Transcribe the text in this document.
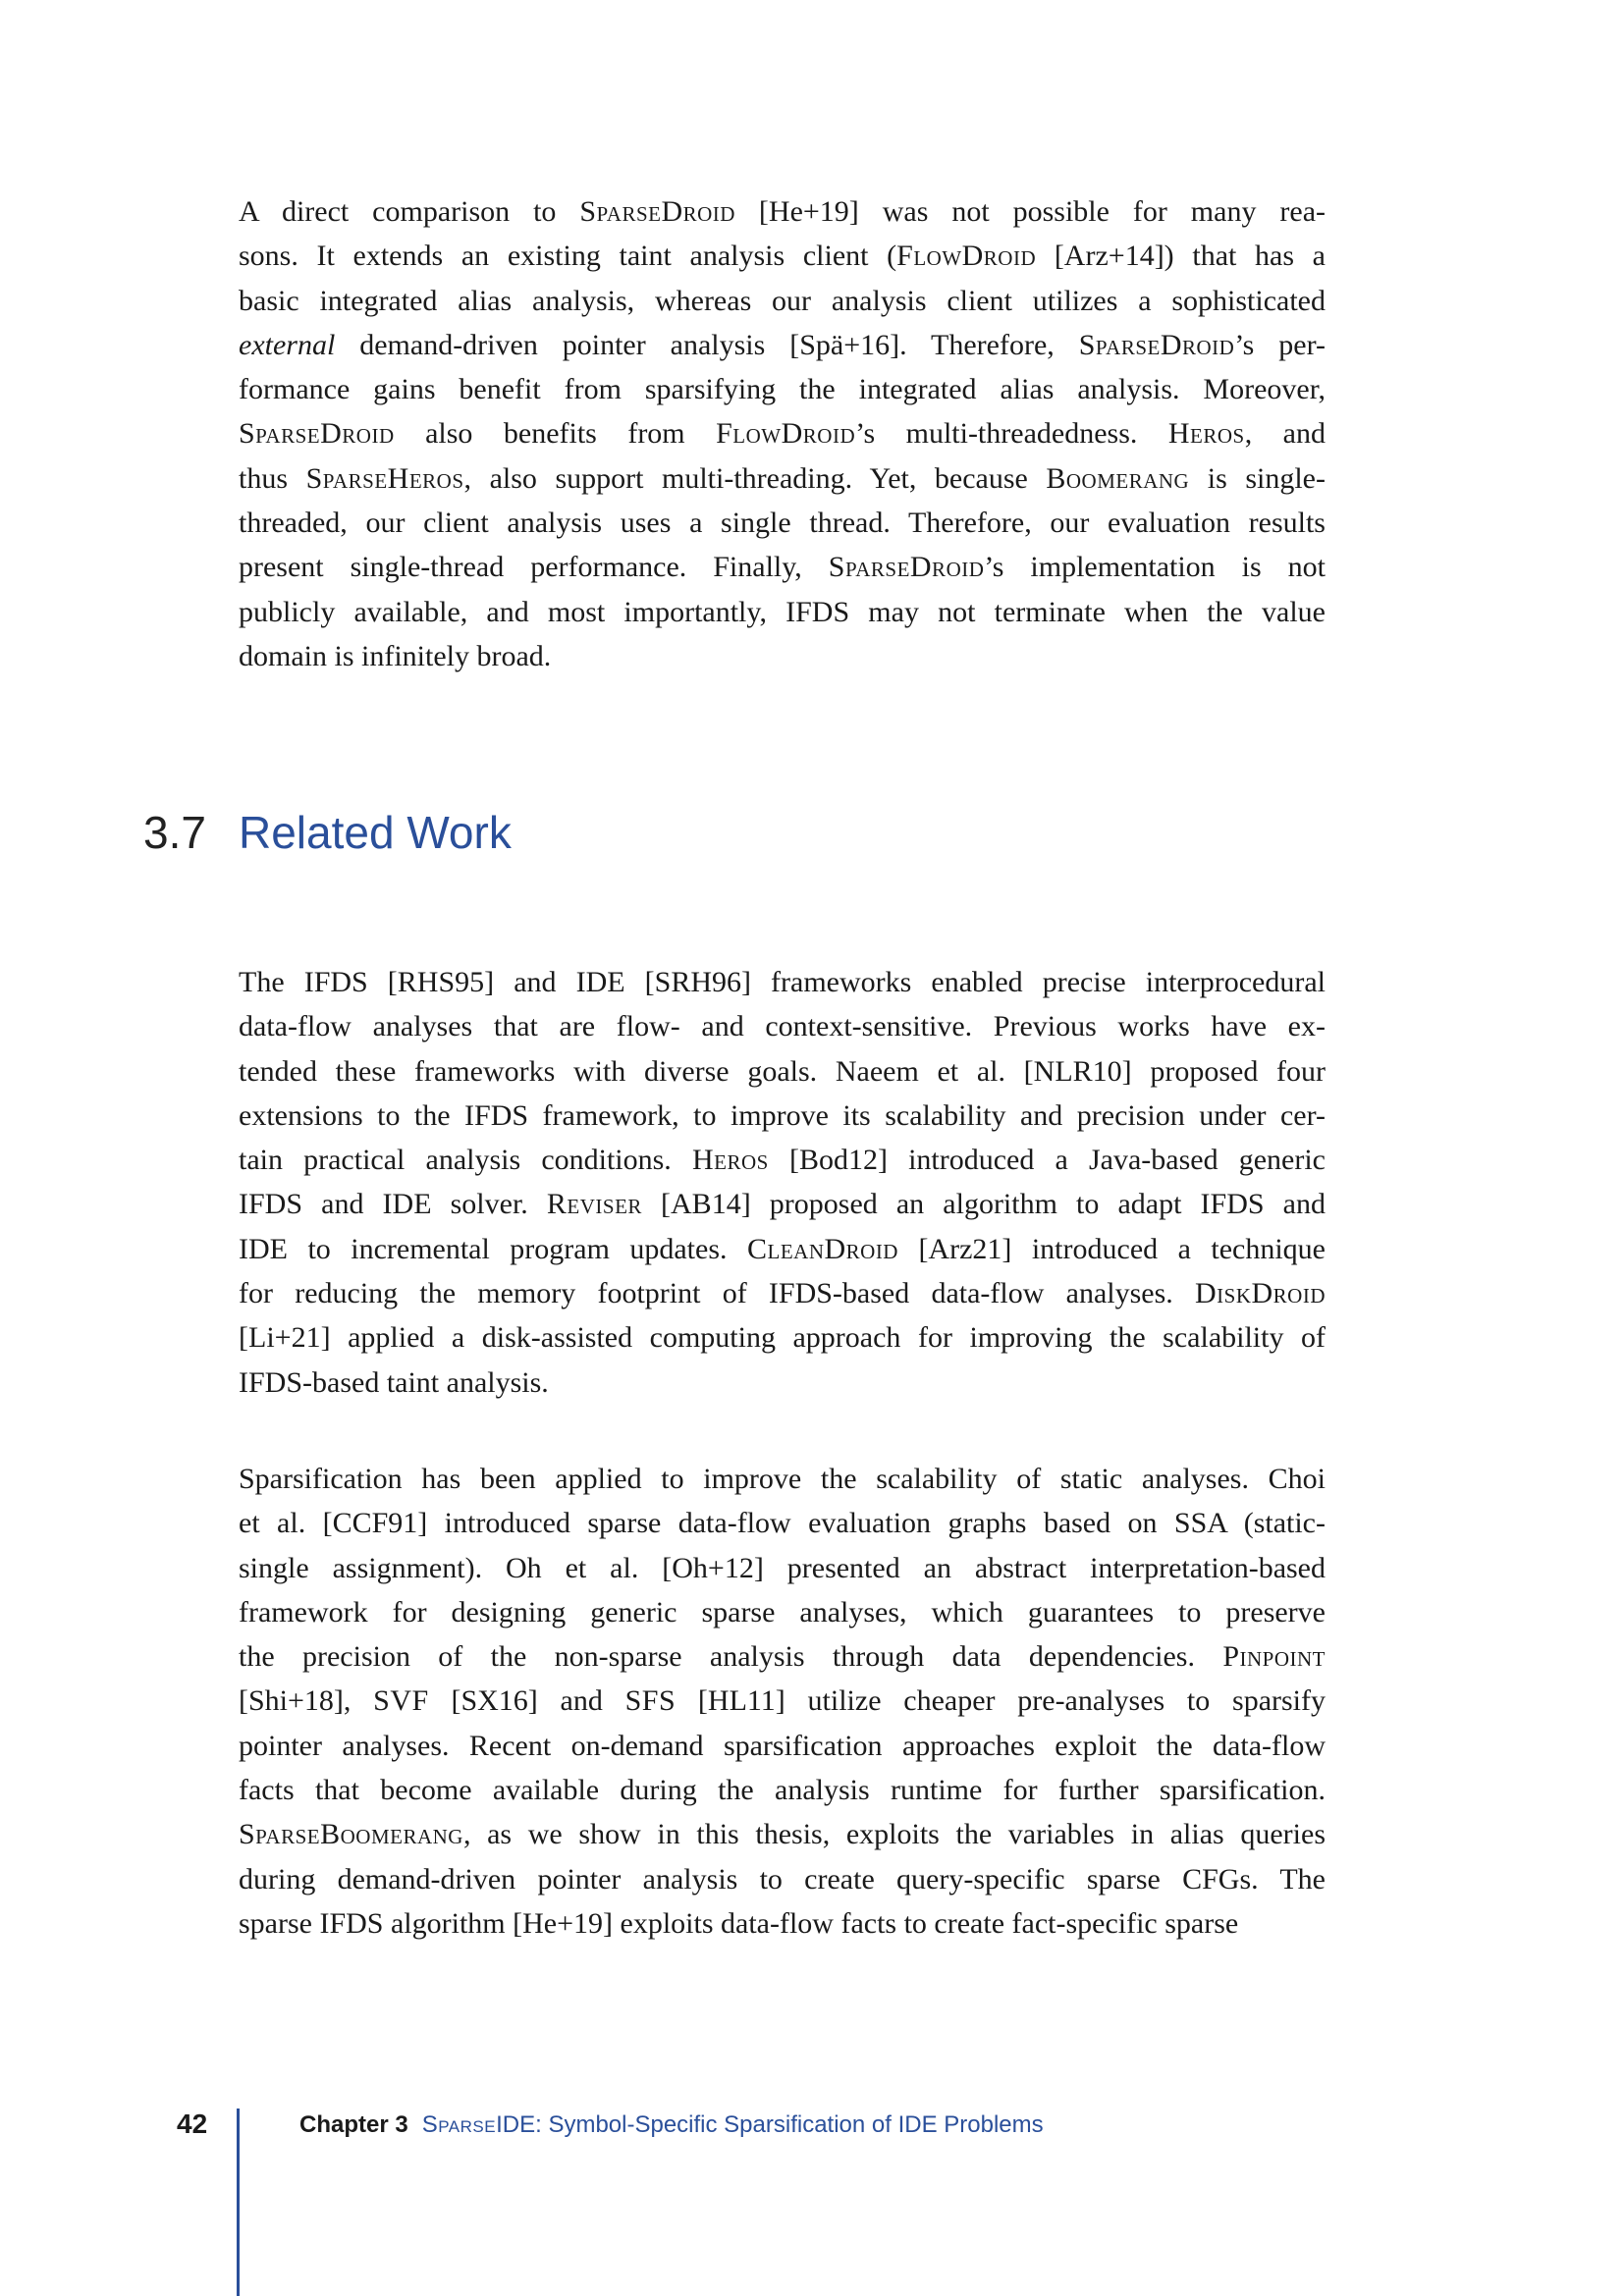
A direct comparison to SparseDroid [He+19] was not possible for many rea-
sons. It extends an existing taint analysis client (FlowDroid [Arz+14]) that has a
basic integrated alias analysis, whereas our analysis client utilizes a sophisticated
external demand-driven pointer analysis [Spä+16]. Therefore, SparseDroid’s per-
formance gains benefit from sparsifying the integrated alias analysis. Moreover,
SparseDroid also benefits from FlowDroid’s multi-threadedness. Heros, and
thus SparseHeros, also support multi-threading. Yet, because Boomerang is single-
threaded, our client analysis uses a single thread. Therefore, our evaluation results
present single-thread performance. Finally, SparseDroid’s implementation is not
publicly available, and most importantly, IFDS may not terminate when the value
domain is infinitely broad.
3.7 Related Work
The IFDS [RHS95] and IDE [SRH96] frameworks enabled precise interprocedural
data-flow analyses that are flow- and context-sensitive. Previous works have ex-
tended these frameworks with diverse goals. Naeem et al. [NLR10] proposed four
extensions to the IFDS framework, to improve its scalability and precision under cer-
tain practical analysis conditions. Heros [Bod12] introduced a Java-based generic
IFDS and IDE solver. Reviser [AB14] proposed an algorithm to adapt IFDS and
IDE to incremental program updates. CleanDroid [Arz21] introduced a technique
for reducing the memory footprint of IFDS-based data-flow analyses. DiskDroid
[Li+21] applied a disk-assisted computing approach for improving the scalability of
IFDS-based taint analysis.
Sparsification has been applied to improve the scalability of static analyses. Choi
et al. [CCF91] introduced sparse data-flow evaluation graphs based on SSA (static-
single assignment). Oh et al. [Oh+12] presented an abstract interpretation-based
framework for designing generic sparse analyses, which guarantees to preserve
the precision of the non-sparse analysis through data dependencies. Pinpoint
[Shi+18], SVF [SX16] and SFS [HL11] utilize cheaper pre-analyses to sparsify
pointer analyses. Recent on-demand sparsification approaches exploit the data-flow
facts that become available during the analysis runtime for further sparsification.
SparseBoomerang, as we show in this thesis, exploits the variables in alias queries
during demand-driven pointer analysis to create query-specific sparse CFGs. The
sparse IFDS algorithm [He+19] exploits data-flow facts to create fact-specific sparse
42	Chapter 3 SparseIDE: Symbol-Specific Sparsification of IDE Problems
